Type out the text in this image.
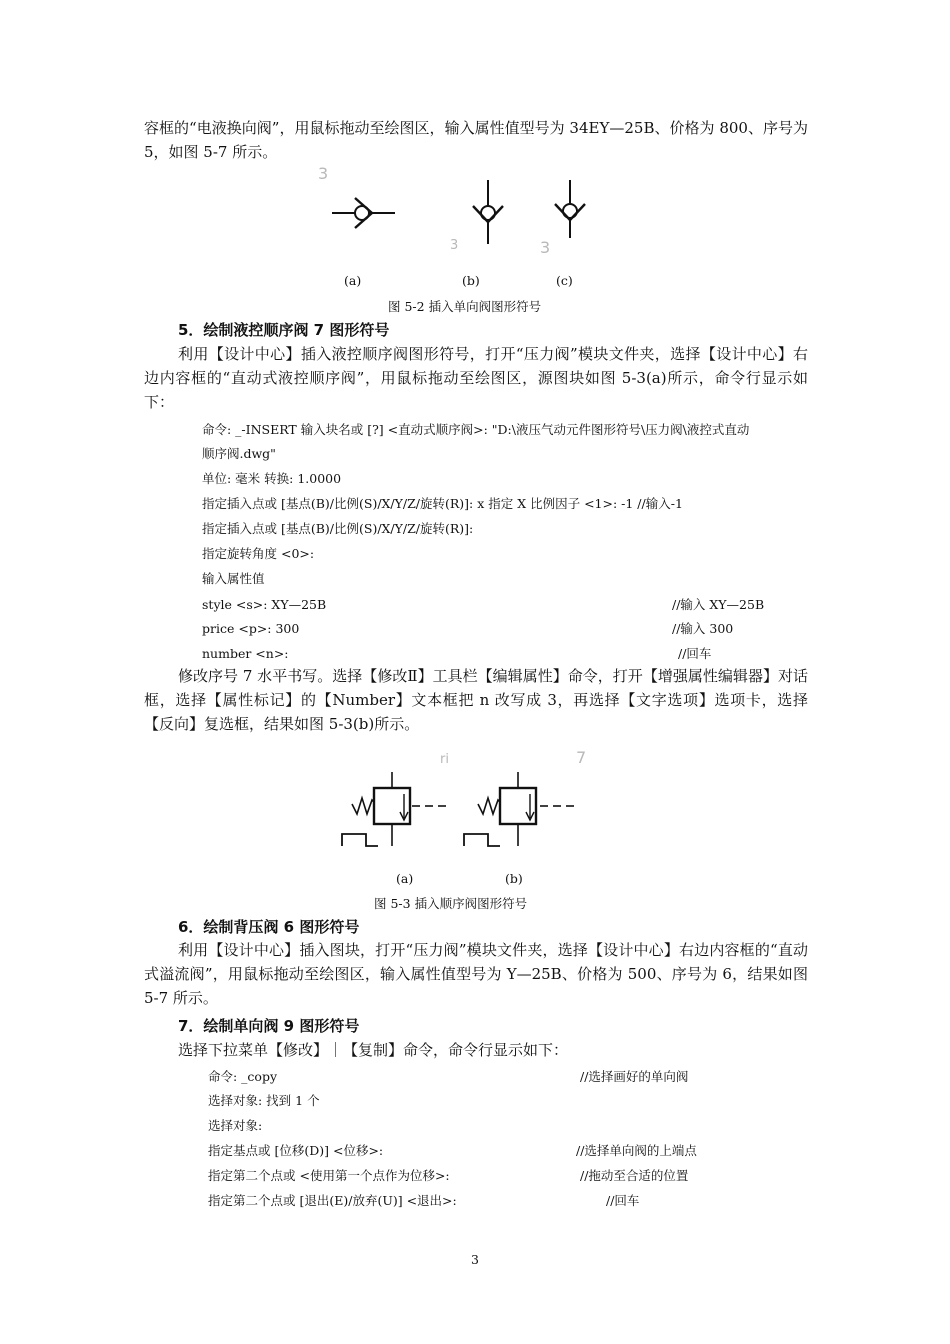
容框的“电液换向阀”，用鼠标拖动至绘图区，输入属性值型号为 34EY—25B、价格为 800、序号为 5，如图 5-7 所示。
3
3	3
(a)	(b)	(c)
图 5-2 插入单向阀图形符号
5．绘制液控顺序阀 7 图形符号
利用【设计中心】插入液控顺序阀图形符号，打开“压力阀”模块文件夹，选择【设计中心】右边内容框的“直动式液控顺序阀”，用鼠标拖动至绘图区，源图块如图 5-3(a)所示，命令行显示如下：
命令: _-INSERT 输入块名或 [?] <直动式顺序阀>: "D:\液压气动元件图形符号\压力阀\液控式直动
顺序阀.dwg"
单位: 毫米 转换: 1.0000
指定插入点或 [基点(B)/比例(S)/X/Y/Z/旋转(R)]: x 指定 X 比例因子 <1>: -1 //输入-1
指定插入点或 [基点(B)/比例(S)/X/Y/Z/旋转(R)]:
指定旋转角度 <0>:
输入属性值
style <s>: XY—25B	//输入 XY—25B
price <p>: 300	//输入 300
number <n>:	//回车
修改序号 7 水平书写。选择【修改Ⅱ】工具栏【编辑属性】命令，打开【增强属性编辑器】对话框，选择【属性标记】的【Number】文本框把 n 改写成 3，再选择【文字选项】选项卡，选择【反向】复选框，结果如图 5-3(b)所示。
ri	7
(a)	(b)
图 5-3 插入顺序阀图形符号
6．绘制背压阀 6 图形符号
利用【设计中心】插入图块，打开“压力阀”模块文件夹，选择【设计中心】右边内容框的“直动式溢流阀”，用鼠标拖动至绘图区，输入属性值型号为 Y—25B、价格为 500、序号为 6，结果如图 5-7 所示。
7．绘制单向阀 9 图形符号
选择下拉菜单【修改】｜【复制】命令，命令行显示如下：
命令: _copy	//选择画好的单向阀
选择对象: 找到 1 个
选择对象:
指定基点或 [位移(D)] <位移>:	//选择单向阀的上端点
指定第二个点或 <使用第一个点作为位移>:	//拖动至合适的位置
指定第二个点或 [退出(E)/放弃(U)] <退出>:	//回车
3
